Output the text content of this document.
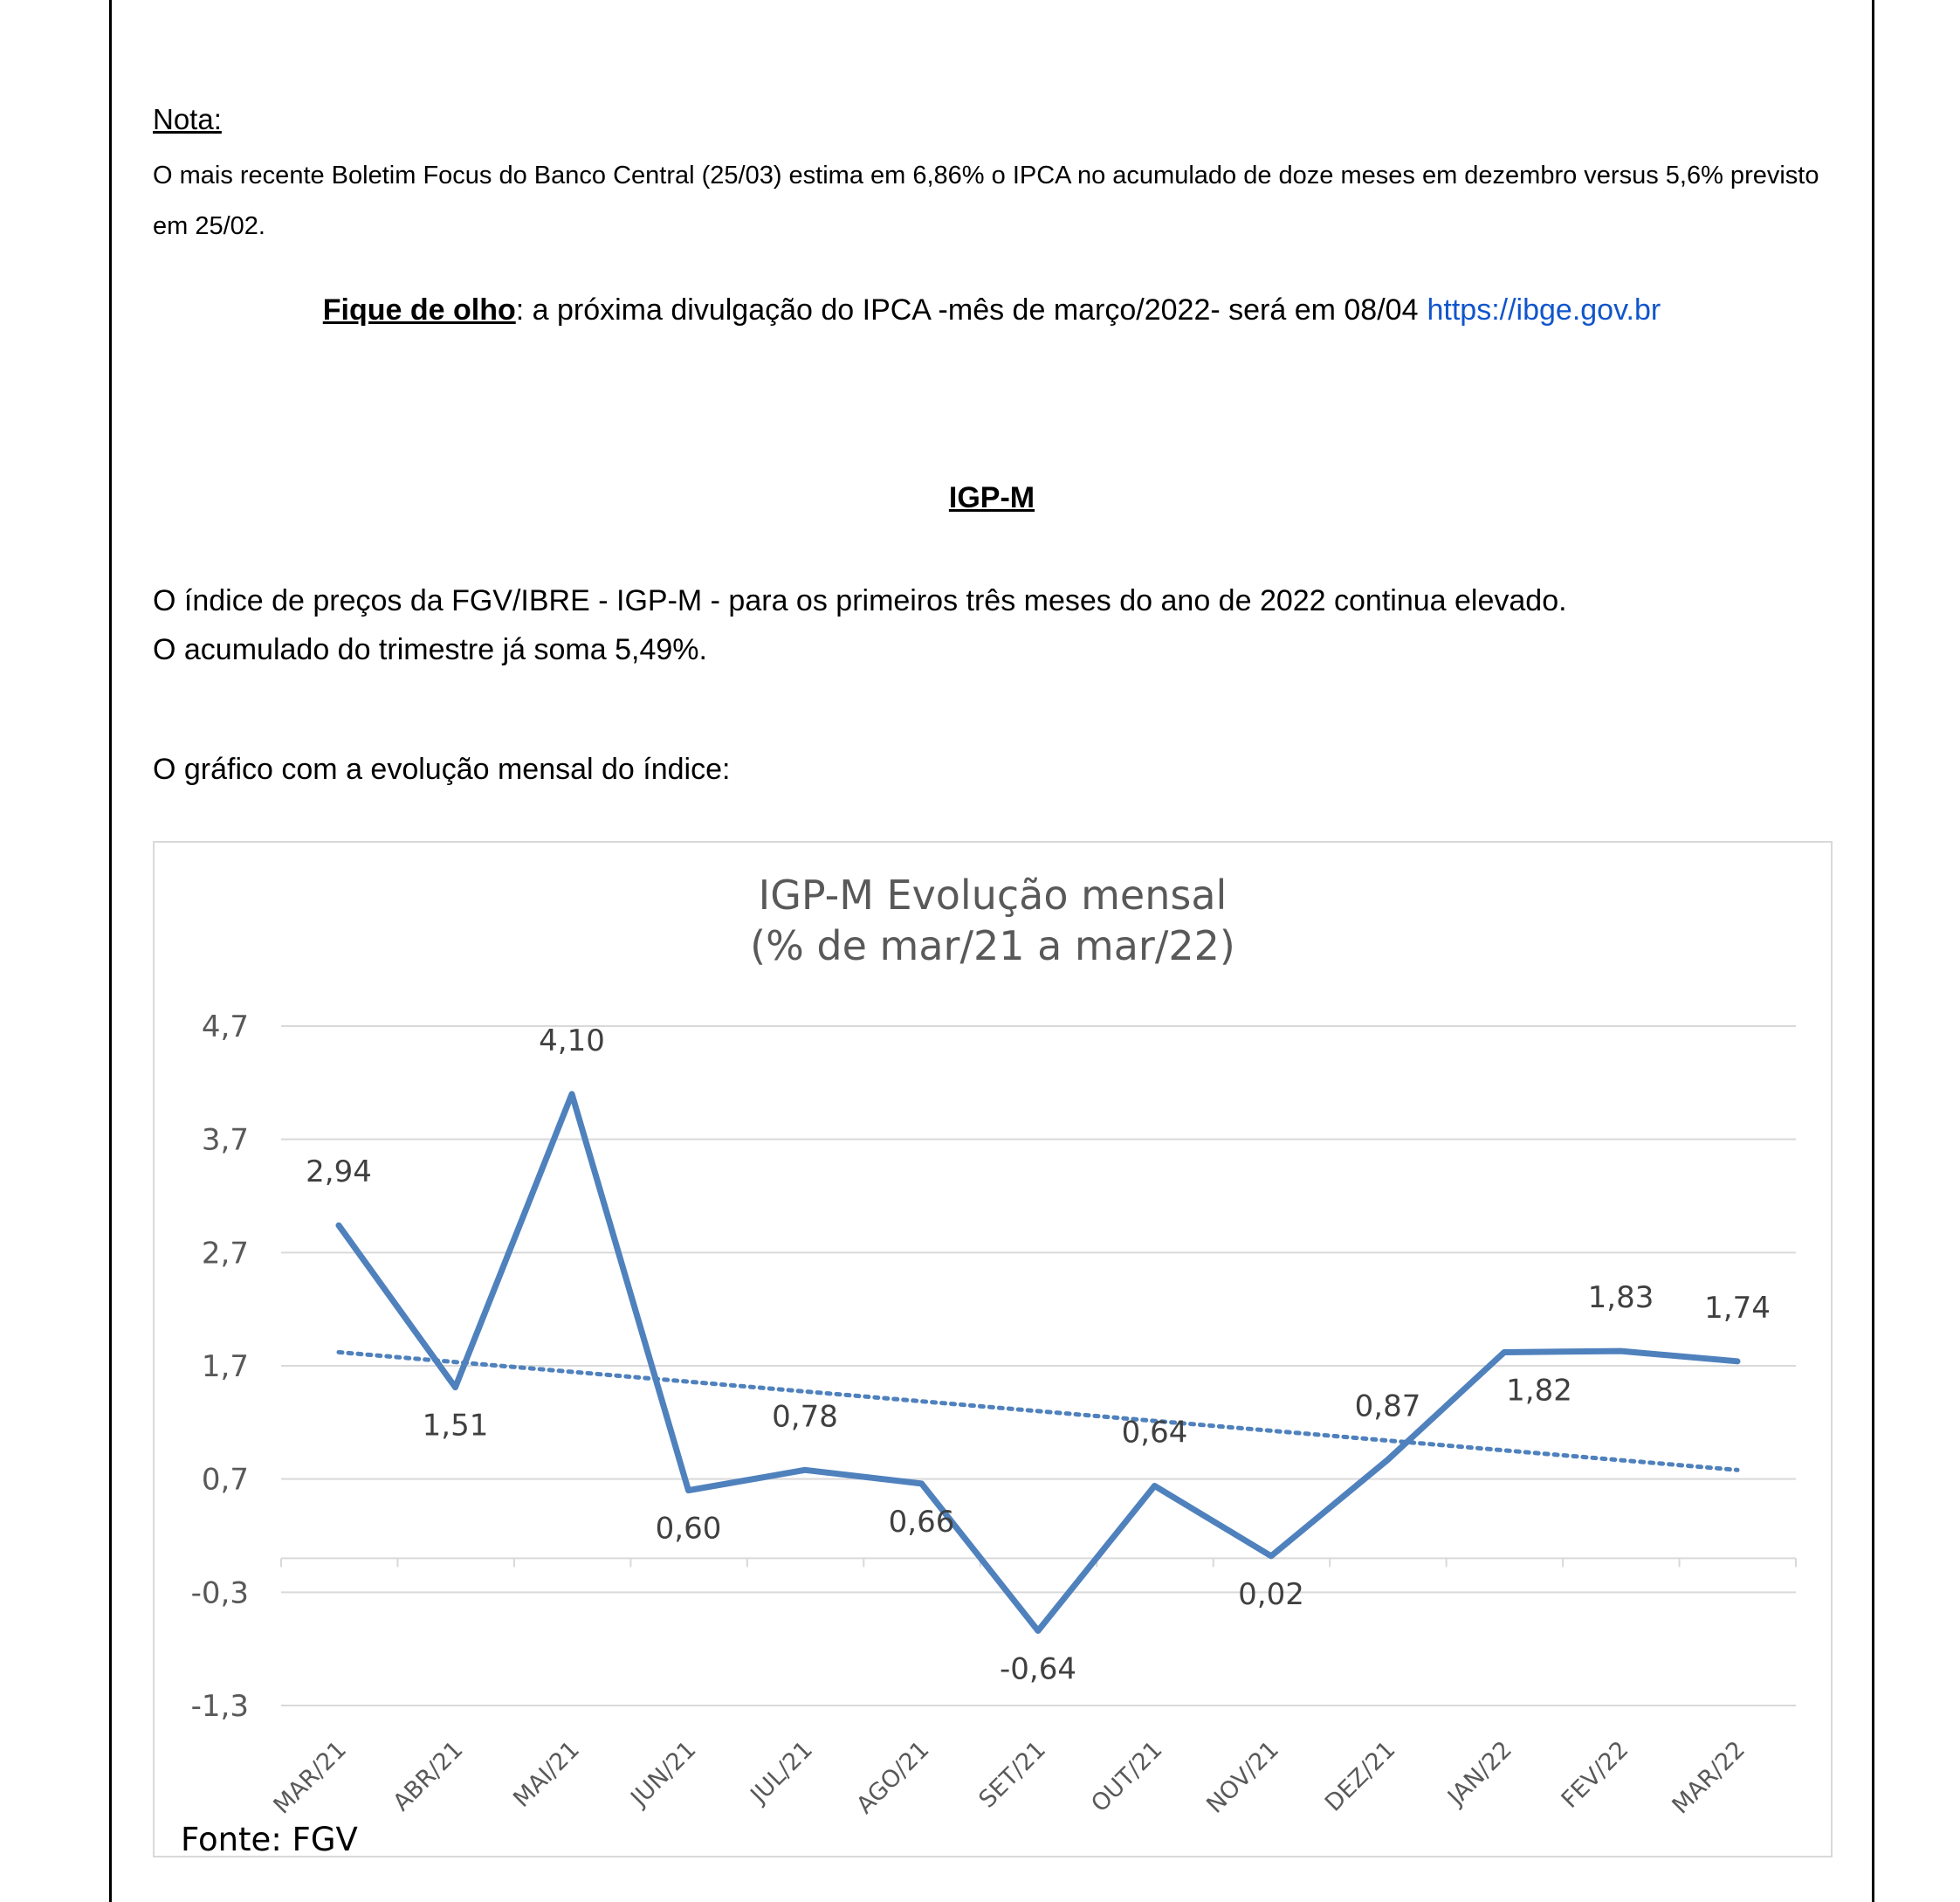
Nota:
O mais recente Boletim Focus do Banco Central (25/03) estima em 6,86% o IPCA no acumulado de doze meses em dezembro versus 5,6% previsto em 25/02.
Fique de olho: a próxima divulgação do IPCA -mês de março/2022- será em 08/04 https://ibge.gov.br
IGP-M
O índice de preços da FGV/IBRE - IGP-M - para os primeiros três meses do ano de 2022 continua elevado.
O acumulado do trimestre já soma 5,49%.
O gráfico com a evolução mensal do índice:
IGP-M Evolução mensal
(% de mar/21 a mar/22)
4,7
3,7
2,7
1,7
0,7
-0,3
-1,3
MAR/21 ABR/21 MAI/21 JUN/21 JUL/21 AGO/21 SET/21 OUT/21 NOV/21 DEZ/21 JAN/22 FEV/22 MAR/22
2,94
1,51
4,10
0,60
0,78
0,66
-0,64
0,64
0,02
0,87	1,82
1,83 1,74
Fonte: FGV
